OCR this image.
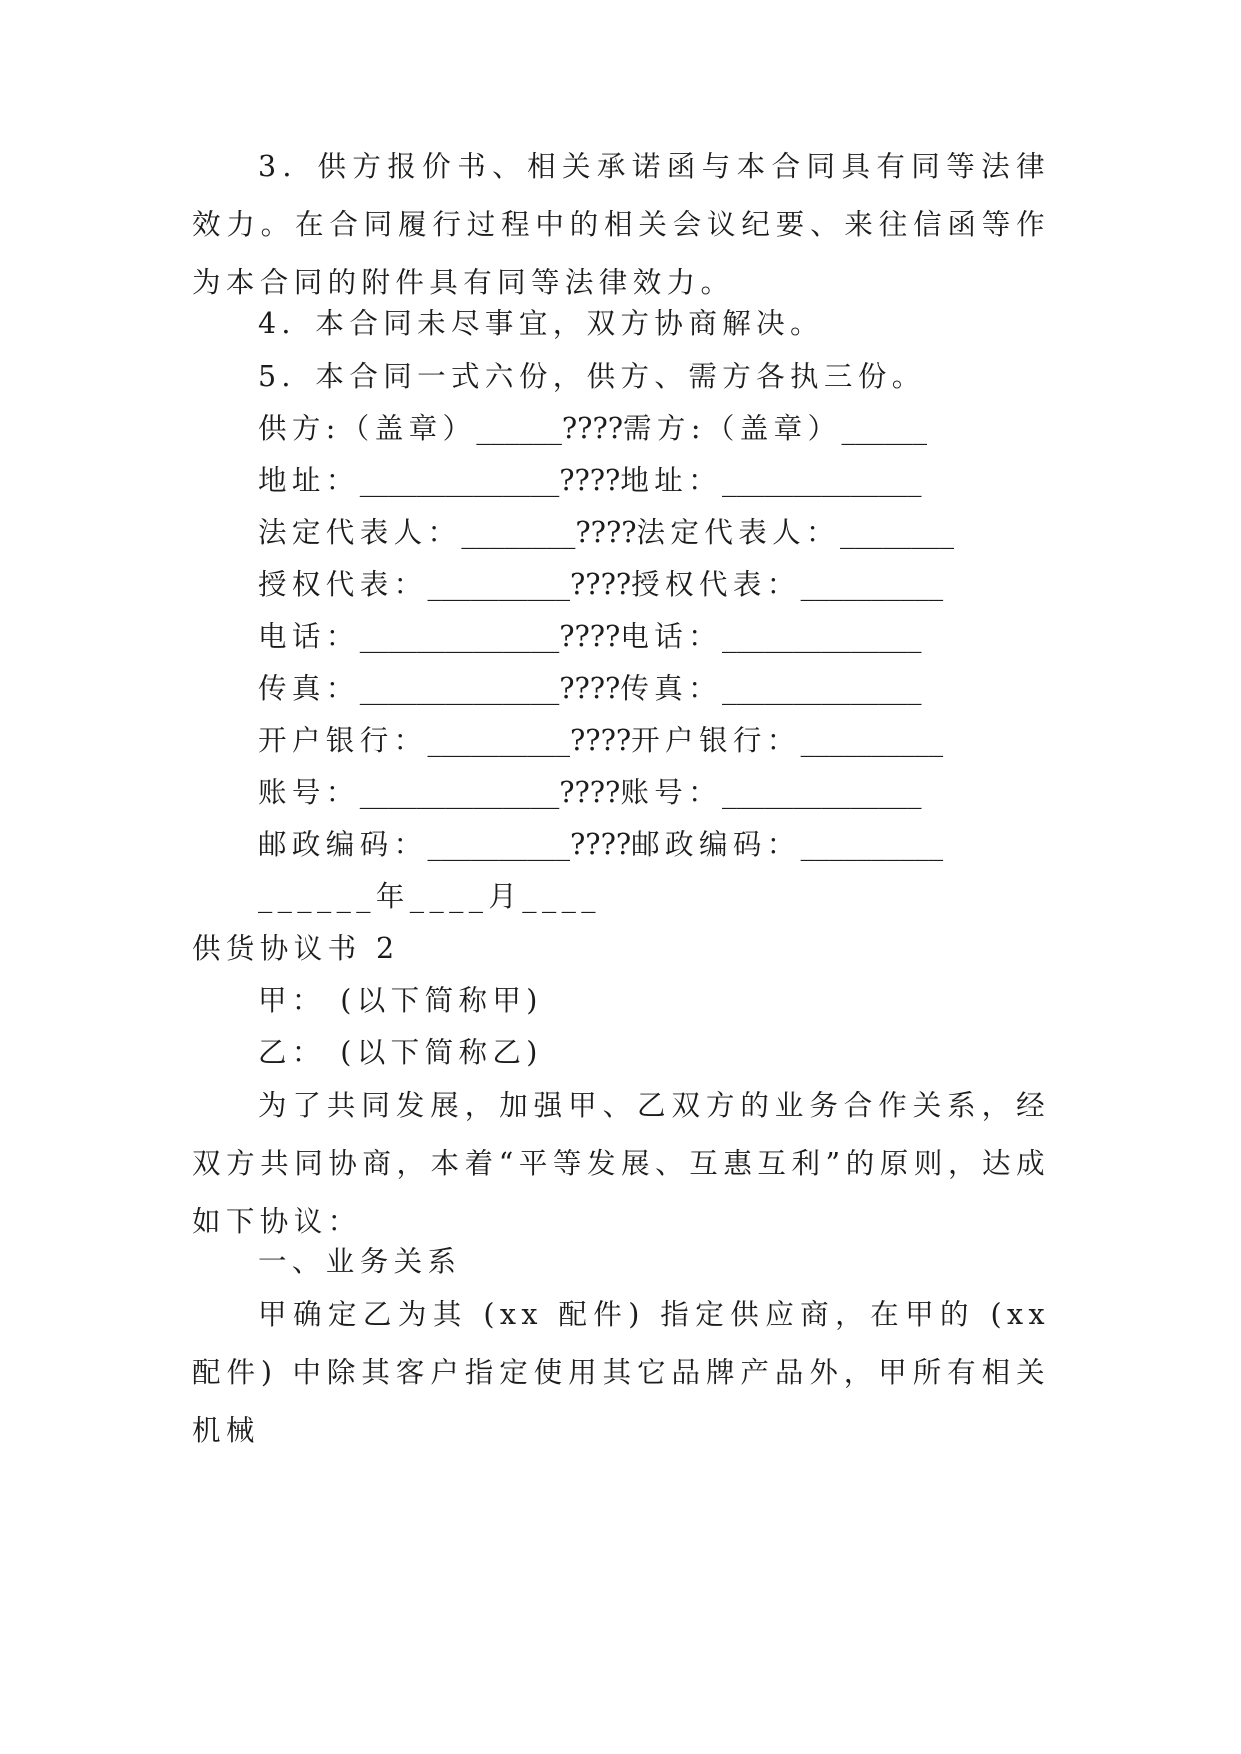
3．供方报价书、相关承诺函与本合同具有同等法律效力。在合同履行过程中的相关会议纪要、来往信函等作为本合同的附件具有同等法律效力。

4．本合同未尽事宜，双方协商解决。

5．本合同一式六份，供方、需方各执三份。

供方:（盖章）______????需方:（盖章）______
地址：______________????地址：______________
法定代表人：________????法定代表人：________
授权代表：__________????授权代表：__________
电话：______________????电话：______________
传真：______________????传真：______________
开户银行：__________????开户银行：__________
账号：______________????账号：______________
邮政编码：__________????邮政编码：__________

______年____月____

供货协议书 2

甲： (以下简称甲)

乙： (以下简称乙)

为了共同发展，加强甲、乙双方的业务合作关系，经双方共同协商，本着“平等发展、互惠互利”的原则，达成如下协议：

一、业务关系

甲确定乙为其 (xx 配件) 指定供应商，在甲的 (xx 配件) 中除其客户指定使用其它品牌产品外，甲所有相关机械
